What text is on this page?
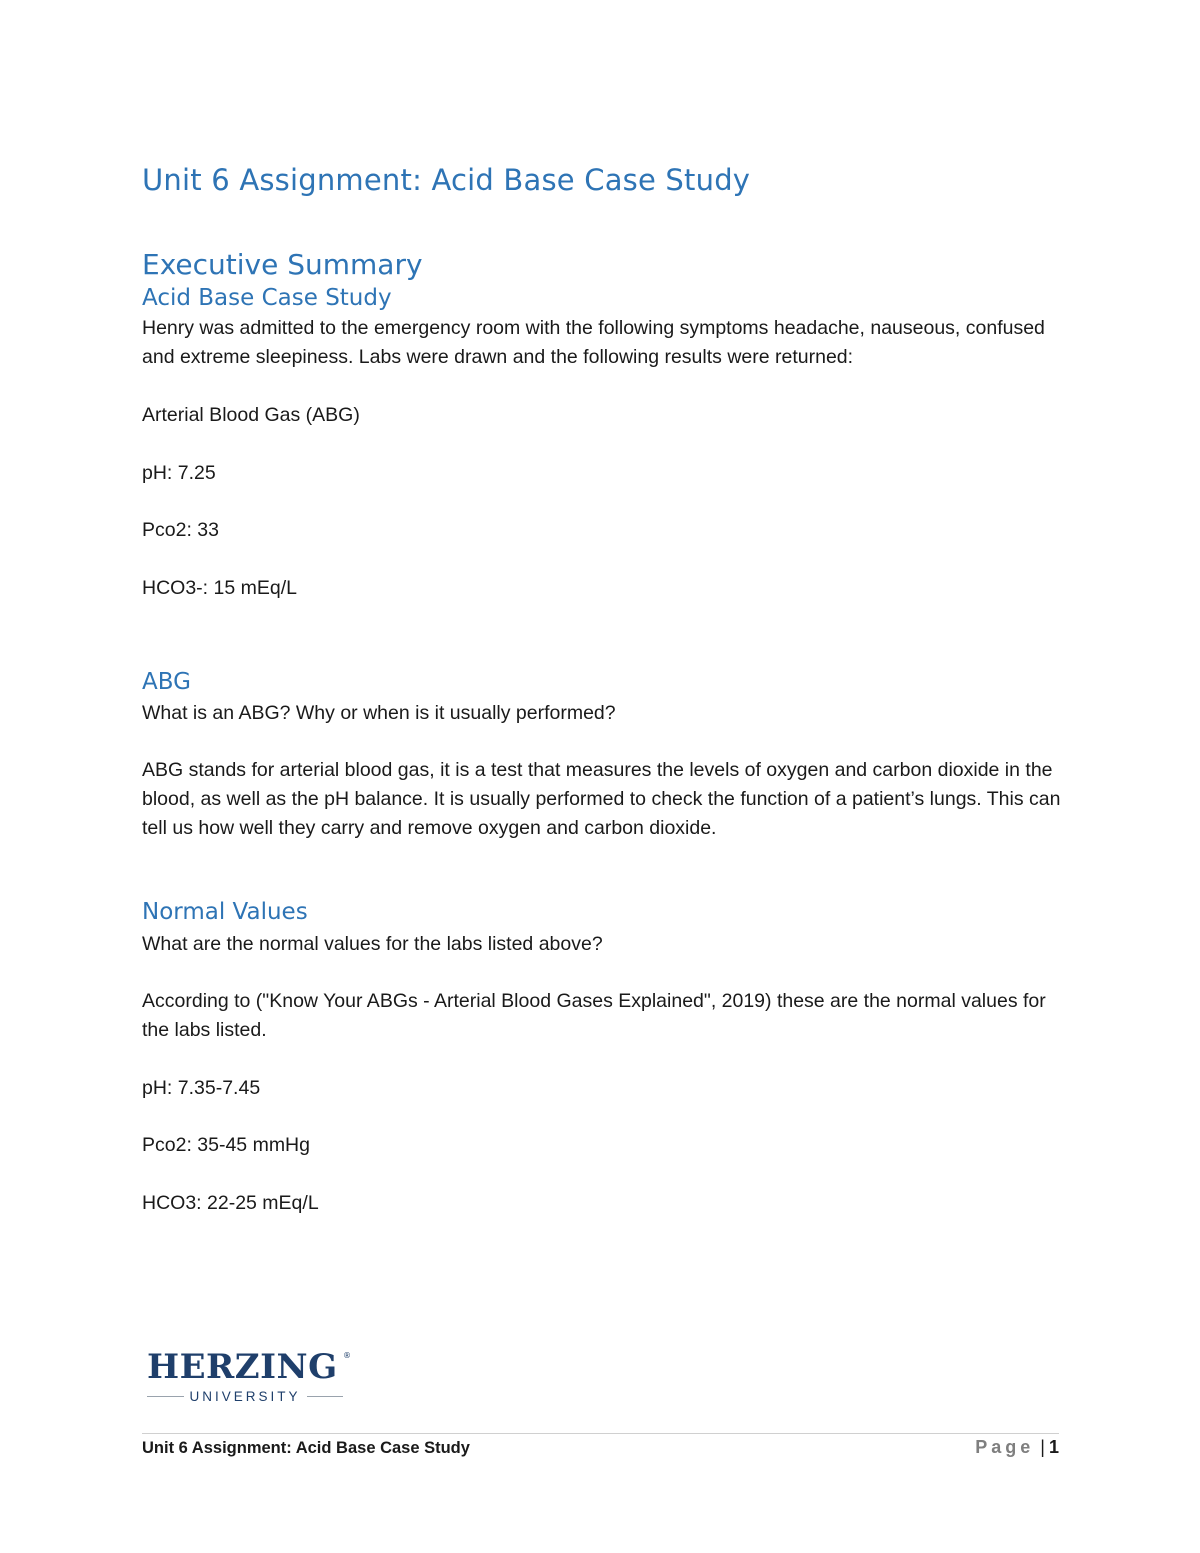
Unit 6 Assignment: Acid Base Case Study
Executive Summary
Acid Base Case Study
Henry was admitted to the emergency room with the following symptoms headache, nauseous, confused and extreme sleepiness. Labs were drawn and the following results were returned:
Arterial Blood Gas (ABG)
pH: 7.25
Pco2: 33
HCO3-: 15 mEq/L
ABG
What is an ABG? Why or when is it usually performed?
ABG stands for arterial blood gas, it is a test that measures the levels of oxygen and carbon dioxide in the blood, as well as the pH balance. It is usually performed to check the function of a patient’s lungs. This can tell us how well they carry and remove oxygen and carbon dioxide.
Normal Values
What are the normal values for the labs listed above?
According to ("Know Your ABGs - Arterial Blood Gases Explained", 2019) these are the normal values for the labs listed.
pH: 7.35-7.45
Pco2: 35-45 mmHg
HCO3: 22-25 mEq/L
HERZING ®
UNIVERSITY
Unit 6 Assignment: Acid Base Case Study	Page | 1
